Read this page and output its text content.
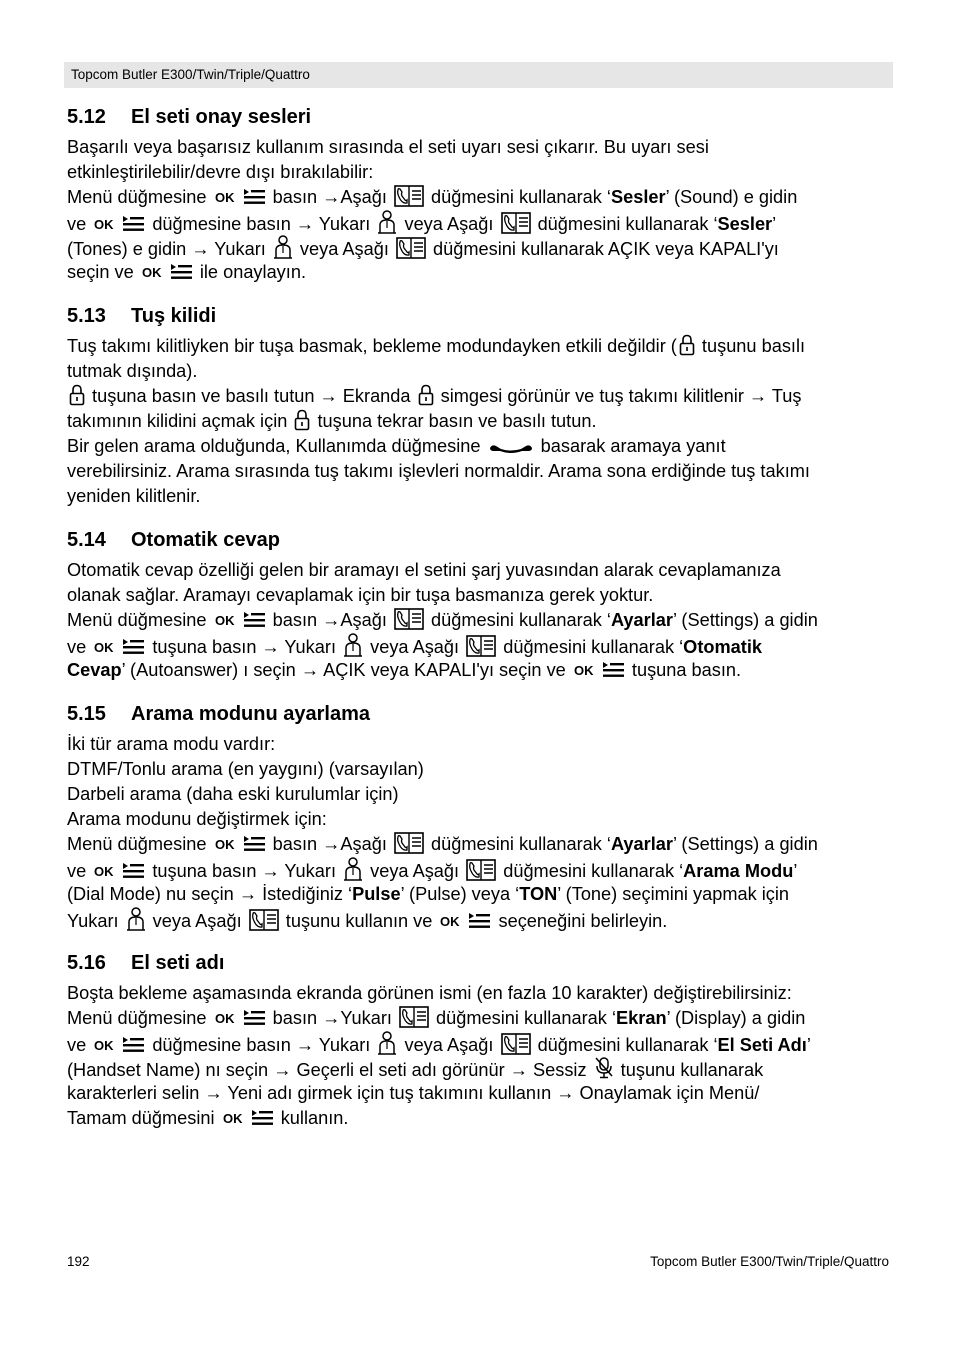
Topcom Butler E300/Twin/Triple/Quattro
5.12 El seti onay sesleri
Başarılı veya başarısız kullanım sırasında el seti uyarı sesi çıkarır. Bu uyarı sesi
etkinleştirilebilir/devre dışı bırakılabilir:
Menü düğmesine OK basın →Aşağı
düğmesini kullanarak ‘Sesler’ (Sound) e gidin
ve OK düğmesine basın → Yukarı
veya Aşağı
düğmesini kullanarak ‘Sesler’
(Tones) e gidin → Yukarı
veya Aşağı
düğmesini kullanarak AÇIK veya KAPALI'yı
seçin ve OK ile onaylayın.
5.13 Tuş kilidi
Tuş takımı kilitliyken bir tuşa basmak, bekleme modundayken etkili değildir (
tuşunu basılı
tutmak dışında).
tuşuna basın ve basılı tutun → Ekranda
simgesi görünür ve tuş takımı kilitlenir → Tuş
takımının kilidini açmak için
tuşuna tekrar basın ve basılı tutun.
Bir gelen arama olduğunda, Kullanımda düğmesine	basarak aramaya yanıt
verebilirsiniz. Arama sırasında tuş takımı işlevleri normaldir. Arama sona erdiğinde tuş takımı
yeniden kilitlenir.
5.14 Otomatik cevap
Otomatik cevap özelliği gelen bir aramayı el setini şarj yuvasından alarak cevaplamanıza
olanak sağlar. Aramayı cevaplamak için bir tuşa basmanıza gerek yoktur.
Menü düğmesine OK basın →Aşağı
düğmesini kullanarak ‘Ayarlar’ (Settings) a gidin
ve OK tuşuna basın → Yukarı
veya Aşağı
düğmesini kullanarak ‘Otomatik
Cevap’ (Autoanswer) ı seçin → AÇIK veya KAPALI'yı seçin ve OK tuşuna basın.
5.15 Arama modunu ayarlama
İki tür arama modu vardır:
DTMF/Tonlu arama (en yaygını) (varsayılan)
Darbeli arama (daha eski kurulumlar için)
Arama modunu değiştirmek için:
Menü düğmesine OK basın →Aşağı
düğmesini kullanarak ‘Ayarlar’ (Settings) a gidin
ve OK tuşuna basın → Yukarı
veya Aşağı
düğmesini kullanarak ‘Arama Modu’
(Dial Mode) nu seçin → İstediğiniz ‘Pulse’ (Pulse) veya ‘TON’ (Tone) seçimini yapmak için
Yukarı
veya Aşağı
tuşunu kullanın ve OK seçeneğini belirleyin.
5.16 El seti adı
Boşta bekleme aşamasında ekranda görünen ismi (en fazla 10 karakter) değiştirebilirsiniz:
Menü düğmesine OK basın →Yukarı
düğmesini kullanarak ‘Ekran’ (Display) a gidin
ve OK düğmesine basın → Yukarı
veya Aşağı
düğmesini kullanarak ‘El Seti Adı’
(Handset Name) nı seçin → Geçerli el seti adı görünür → Sessiz
tuşunu kullanarak
karakterleri selin → Yeni adı girmek için tuş takımını kullanın → Onaylamak için Menü/
Tamam düğmesini OK kullanın.
192	Topcom Butler E300/Twin/Triple/Quattro
